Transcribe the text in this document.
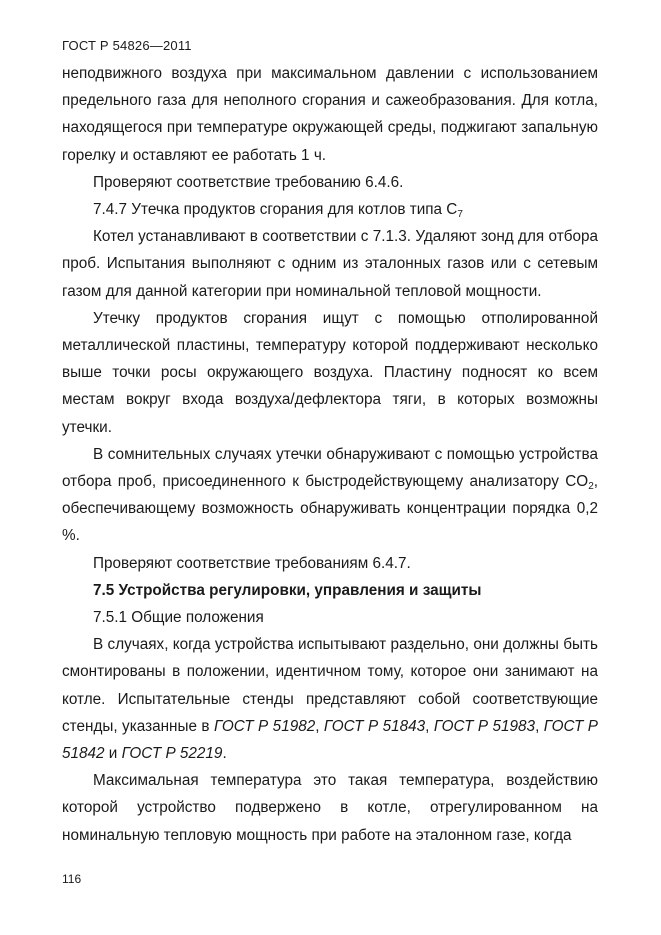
ГОСТ Р 54826—2011

неподвижного воздуха при максимальном давлении с использованием предельного газа для неполного сгорания и сажеобразования. Для котла, находящегося при температуре окружающей среды, поджигают запальную горелку и оставляют ее работать 1 ч.

Проверяют соответствие требованию 6.4.6.

7.4.7 Утечка продуктов сгорания для котлов типа $C_7$

Котел устанавливают в соответствии с 7.1.3. Удаляют зонд для отбора проб. Испытания выполняют с одним из эталонных газов или с сетевым газом для данной категории при номинальной тепловой мощности.

Утечку продуктов сгорания ищут с помощью отполированной металлической пластины, температуру которой поддерживают несколько выше точки росы окружающего воздуха. Пластину подносят ко всем местам вокруг входа воздуха/дефлектора тяги, в которых возможны утечки.

В сомнительных случаях утечки обнаруживают с помощью устройства отбора проб, присоединенного к быстродействующему анализатору $CO_2$, обеспечивающему возможность обнаруживать концентрации порядка 0,2 %.

Проверяют соответствие требованиям 6.4.7.

7.5 Устройства регулировки, управления и защиты

7.5.1 Общие положения

В случаях, когда устройства испытывают раздельно, они должны быть смонтированы в положении, идентичном тому, которое они занимают на котле. Испытательные стенды представляют собой соответствующие стенды, указанные в ГОСТ Р 51982, ГОСТ Р 51843, ГОСТ Р 51983, ГОСТ Р 51842 и ГОСТ Р 52219.

Максимальная температура это такая температура, воздействию которой устройство подвержено в котле, отрегулированном на номинальную тепловую мощность при работе на эталонном газе, когда

116
